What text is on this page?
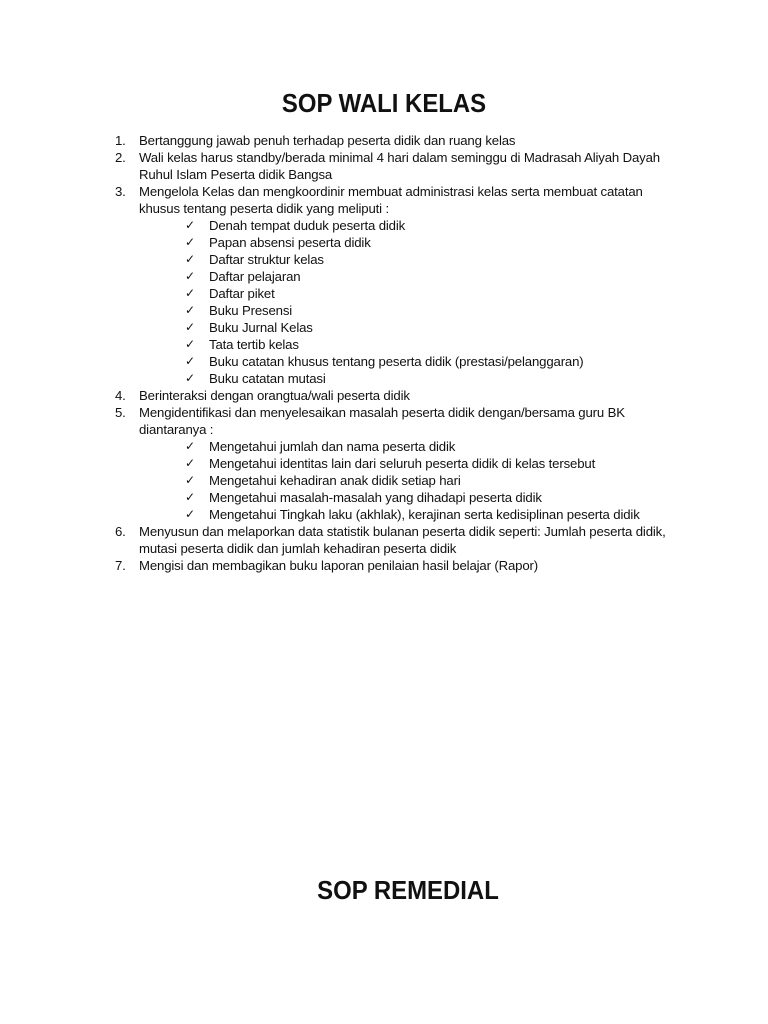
SOP WALI KELAS
1. Bertanggung jawab penuh terhadap peserta didik dan ruang kelas
2. Wali kelas harus standby/berada minimal 4 hari dalam seminggu di Madrasah Aliyah Dayah Ruhul Islam Peserta didik Bangsa
3. Mengelola Kelas dan mengkoordinir membuat administrasi kelas serta membuat catatan khusus tentang peserta didik yang meliputi :
✓ Denah tempat duduk peserta didik
✓ Papan absensi peserta didik
✓ Daftar struktur kelas
✓ Daftar pelajaran
✓ Daftar piket
✓ Buku Presensi
✓ Buku Jurnal Kelas
✓ Tata tertib kelas
✓ Buku catatan khusus tentang peserta didik (prestasi/pelanggaran)
✓ Buku catatan mutasi
4. Berinteraksi dengan orangtua/wali peserta didik
5. Mengidentifikasi dan menyelesaikan masalah peserta didik dengan/bersama guru BK diantaranya :
✓ Mengetahui jumlah dan nama peserta didik
✓ Mengetahui identitas lain dari seluruh peserta didik di kelas tersebut
✓ Mengetahui kehadiran anak didik setiap hari
✓ Mengetahui masalah-masalah yang dihadapi peserta didik
✓ Mengetahui Tingkah laku (akhlak), kerajinan serta kedisiplinan peserta didik
6. Menyusun dan melaporkan data statistik bulanan peserta didik seperti: Jumlah peserta didik, mutasi peserta didik dan jumlah kehadiran peserta didik
7. Mengisi dan membagikan buku laporan penilaian hasil belajar (Rapor)
SOP REMEDIAL
